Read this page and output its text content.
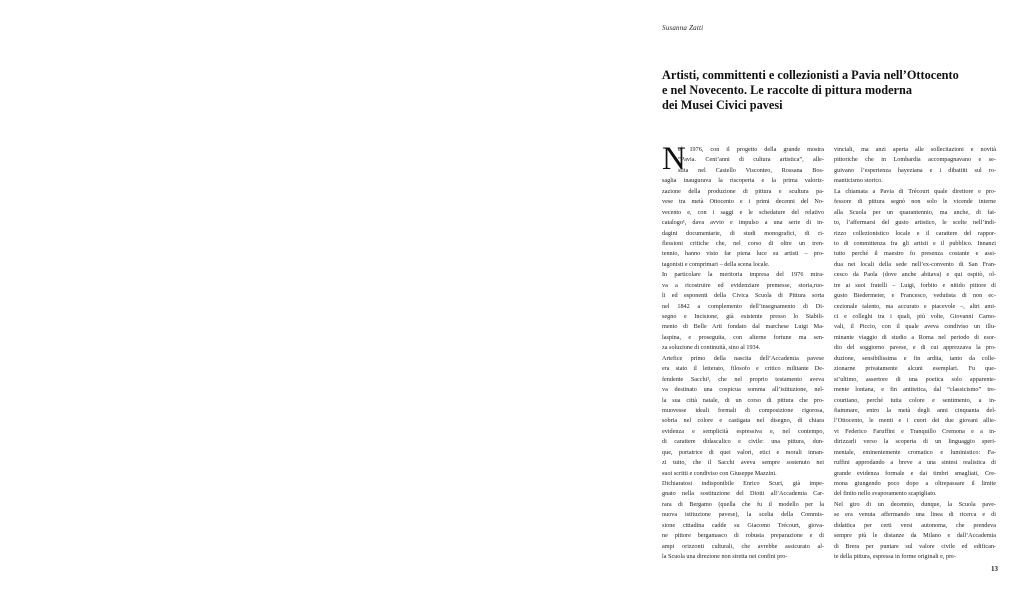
Susanna Zatti
Artisti, committenti e collezionisti a Pavia nell’Ottocento
e nel Novecento. Le raccolte di pittura moderna
dei Musei Civici pavesi
N
el 1976, con il progetto della grande mostra
“Pavia. Cent’anni di cultura artistica”, alle-
stita nel Castello Visconteo, Rossana Bos-
saglia inaugurava la riscoperta e la prima valoriz-
zazione della produzione di pittura e scultura pa-
vese tra metà Ottocento e i primi decenni del No-
vecento e, con i saggi e le schedature del relativo
catalogo¹, dava avvio e impulso a una serie di in-
dagini documentarie, di studi monografici, di ri-
flessioni critiche che, nel corso di oltre un tren-
tennio, hanno visto far piena luce su artisti – pro-
tagonisti e comprimari – della scena locale.
In particolare la meritoria impresa del 1976 mira-
va a ricostruire ed evidenziare premesse, storia,ruo-
li ed esponenti della Civica Scuola di Pittura sorta
nel 1842 a complemento dell’insegnamento di Di-
segno e Incisione, già esistente presso lo Stabili-
mento di Belle Arti fondato dal marchese Luigi Ma-
laspina, e proseguita, con alterne fortune ma sen-
za soluzione di continuità, sino al 1934.
Artefice primo della nascita dell’Accademia pavese
era stato il letterato, filosofo e critico militante De-
fendente Sacchi², che nel proprio testamento aveva
va destinato una cospicua somma all’istituzione, nel-
la sua città natale, di un corso di pittura che pro-
muovesse ideali formali di composizione rigorosa,
sobria nel colore e castigata nel disegno, di chiara
evidenza e semplicità espressiva e, nel contempo,
di carattere didascalico e civile: una pittura, dun-
que, portatrice di quei valori, etici e morali innan-
zi tutto, che il Sacchi aveva sempre sostenuto nei
suoi scritti e condiviso con Giuseppe Mazzini.
Dichiaratosi indisponibile Enrico Scuri, già impe-
gnato nella sostituzione del Diotti all’Accademia Car-
rara di Bergamo (quella che fu il modello per la
nuova istituzione pavese), la scelta della Commis-
sione cittadina cadde su Giacomo Trécourt, giova-
ne pittore bergamasco di robusta preparazione e di
ampi orizzonti culturali, che avrebbe assicurato al-
la Scuola una direzione non stretta nei confini pro-
vinciali, ma anzi aperta alle sollecitazioni e novità
pittoriche che in Lombardia accompagnavano e se-
guivano l’esperienza hayeziana e i dibattiti sul ro-
manticismo storico.
La chiamata a Pavia di Trécourt quale direttore e pro-
fessore di pittura segnò non solo le vicende interne
alla Scuola per un quarantennio, ma anche, di fat-
to, l’affermarsi del gusto artistico, le scelte nell’indi-
rizzo collezionistico locale e il carattere del rappor-
to di committenza fra gli artisti e il pubblico. Innanzi
tutto perché il maestro fu presenza costante e assi-
dua nei locali della sede nell’ex-convento di San Fran-
cesco da Paola (dove anche abitava) e qui ospitò, ol-
tre ai suoi fratelli – Luigi, forbito e nitido pittore di
gusto Biedermeier, e Francesco, vedutista di non ec-
cezionale talento, ma accurato e piacevole –, altri ami-
ci e colleghi tra i quali, più volte, Giovanni Carno-
vali, il Piccio, con il quale aveva condiviso un illu-
minante viaggio di studio a Roma nel periodo di esor-
dio del soggiorno pavese, e di cui apprezzava la pro-
duzione, sensibilissima e fin ardita, tanto da colle-
zionarne privatamente alcuni esemplari. Fu que-
st’ultimo, assertore di una poetica solo apparente-
mente lontana, e fin antitetica, dal “classicismo” tre-
courtiano, perché tutta colore e sentimento, a in-
fiammare, entro la metà degli anni cinquanta del-
l’Ottocento, le menti e i cuori dei due giovani allie-
vi Federico Faruffini e Tranquillo Cremona e a in-
dirizzarli verso la scoperta di un linguaggio speri-
mentale, eminentemente cromatico e luministico: Fa-
ruffini approdando a breve a una sintesi realistica di
grande evidenza formale e dai timbri smagliati, Cre-
mona giungendo poco dopo a oltrepassare il limite
del finito nello svaporamento scapigliato.
Nel giro di un decennio, dunque, la Scuola pave-
se era venuta affermando una linea di ricerca e di
didattica per certi versi autonoma, che prendeva
sempre più le distanze da Milano e dall’Accademia
di Brera per puntare sul valore civile ed edifican-
te della pittura, espressa in forme originali e, pre-
13
